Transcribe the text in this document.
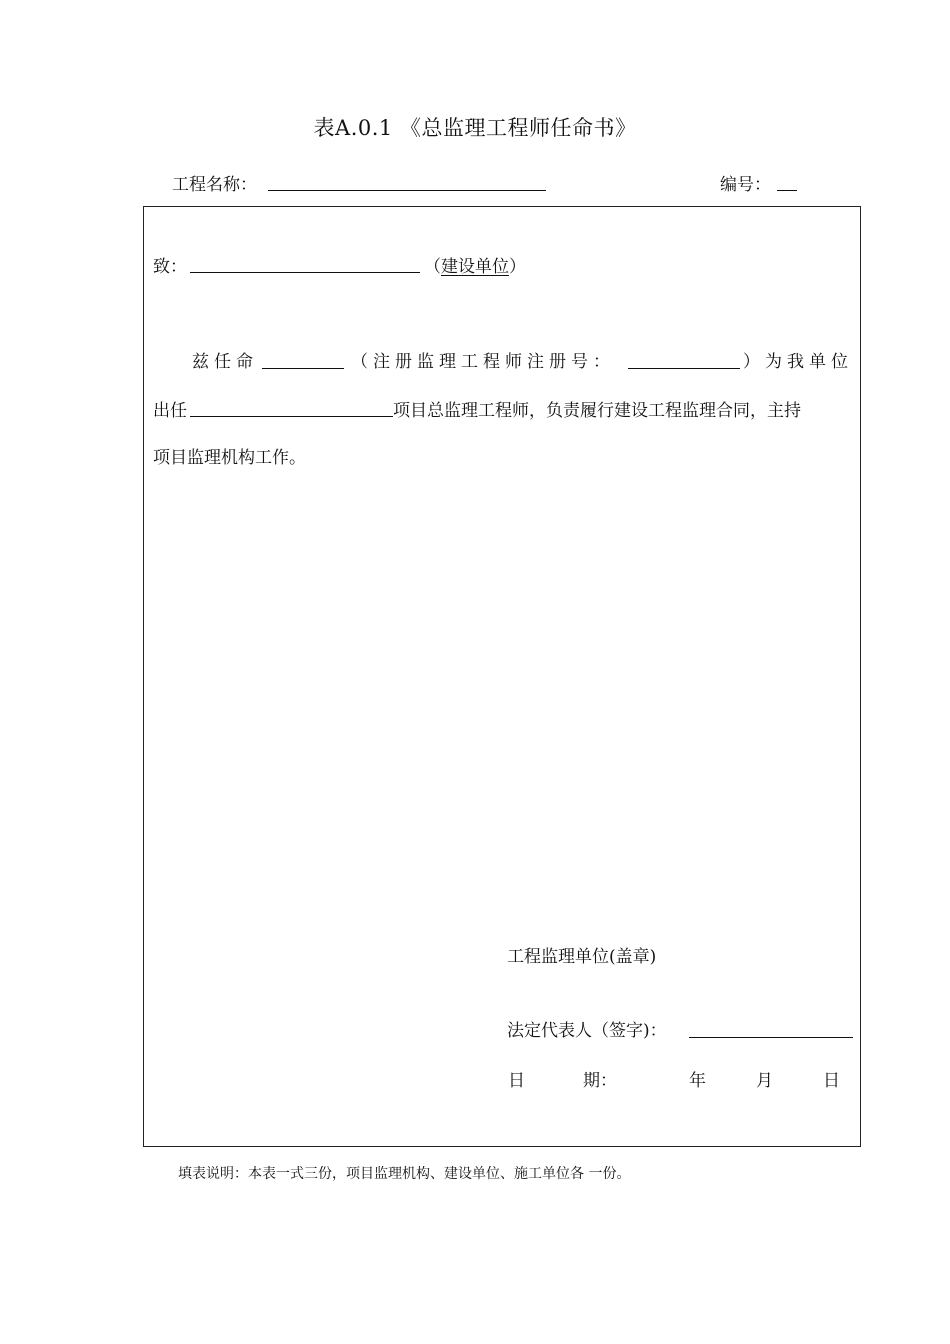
表A.0.1 《总监理工程师任命书》
工程名称：	编号：
致：	（建设单位）
兹任命	（注册监理工程师注册号：	）为我单位
出任	项目总监理工程师，负责履行建设工程监理合同，主持
项目监理机构工作。
工程监理单位(盖章)
法定代表人（签字)：
日	期：	年	月	日
填表说明：本表一式三份，项目监理机构、建设单位、施工单位各 一份。
